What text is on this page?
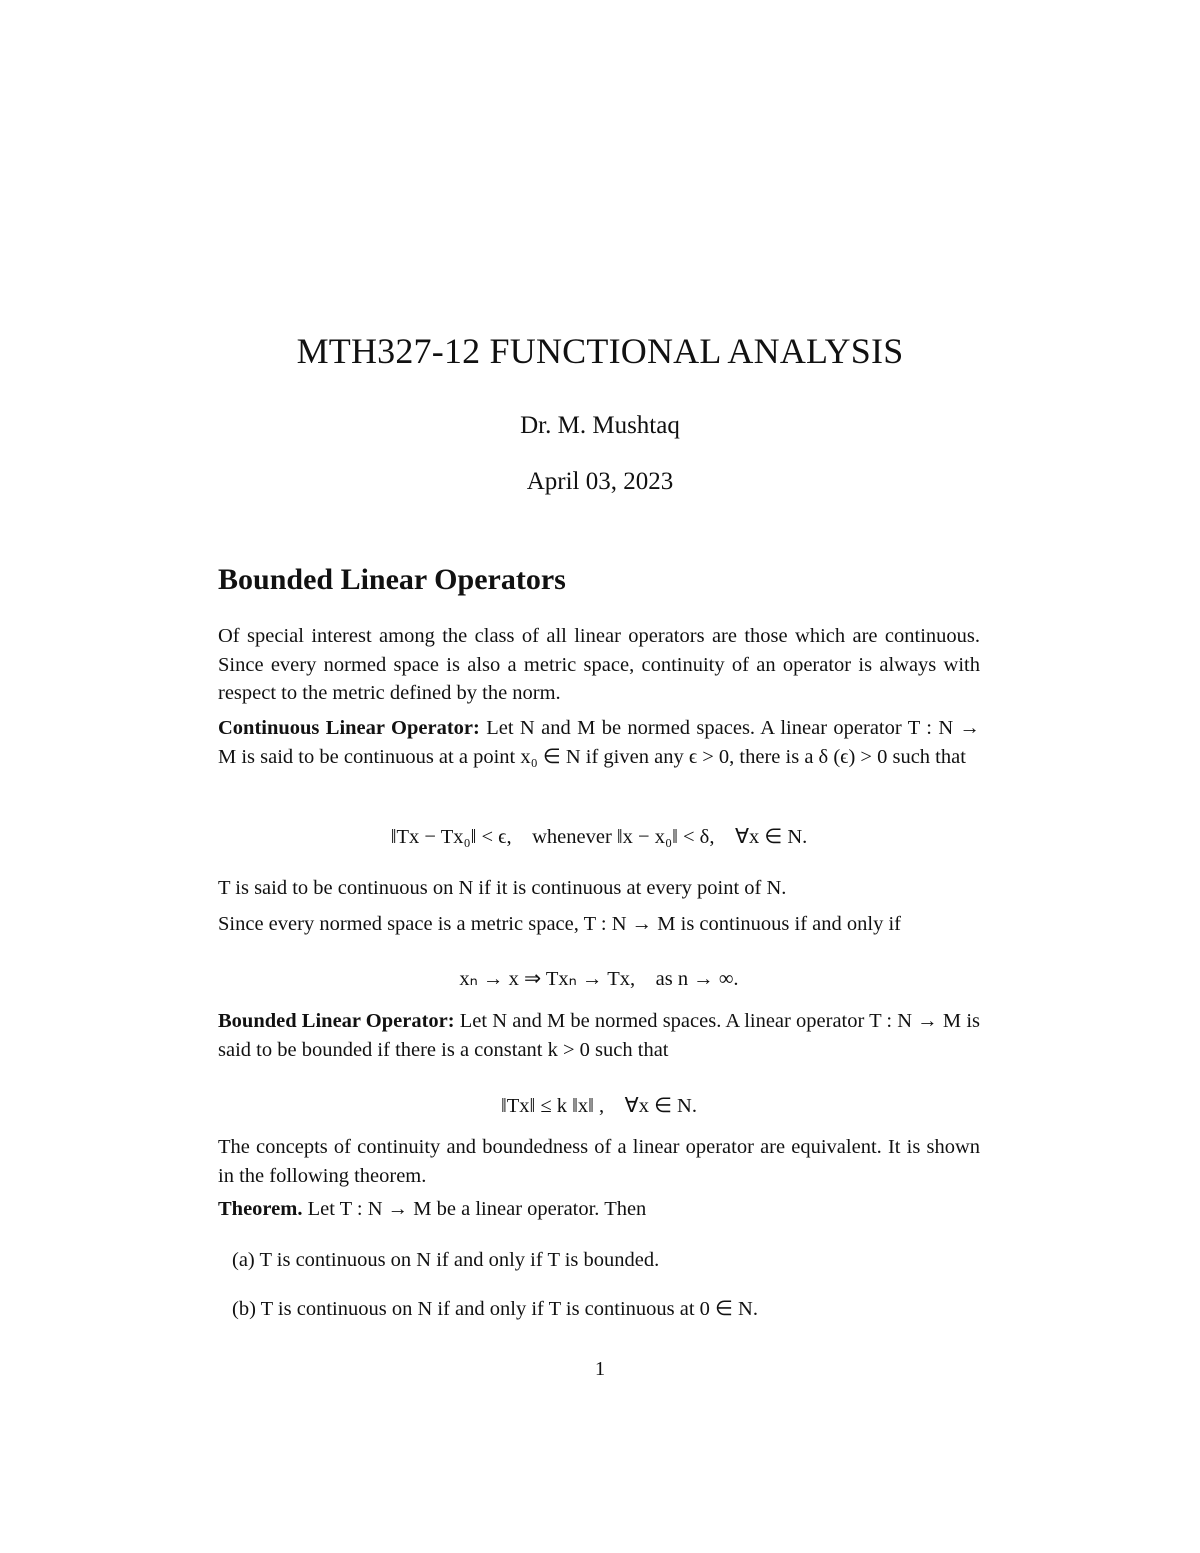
MTH327-12 FUNCTIONAL ANALYSIS
Dr. M. Mushtaq
April 03, 2023
Bounded Linear Operators

Of special interest among the class of all linear operators are those which are continuous. Since every normed space is also a metric space, continuity of an operator is always with respect to the metric defined by the norm.

Continuous Linear Operator: Let N and M be normed spaces. A linear operator T : N → M is said to be continuous at a point x₀ ∈ N if given any ϵ > 0, there is a δ (ϵ) > 0 such that

‖Tx − Tx₀‖ < ϵ,    whenever ‖x − x₀‖ < δ,    ∀x ∈ N.

T is said to be continuous on N if it is continuous at every point of N.

Since every normed space is a metric space, T : N → M is continuous if and only if

xₙ → x ⇒ Txₙ → Tx,    as n → ∞.

Bounded Linear Operator: Let N and M be normed spaces. A linear operator T : N → M is said to be bounded if there is a constant k > 0 such that

‖Tx‖ ≤ k ‖x‖ ,    ∀x ∈ N.

The concepts of continuity and boundedness of a linear operator are equivalent. It is shown in the following theorem.

Theorem. Let T : N → M be a linear operator. Then

(a) T is continuous on N if and only if T is bounded.
(b) T is continuous on N if and only if T is continuous at 0 ∈ N.
1
